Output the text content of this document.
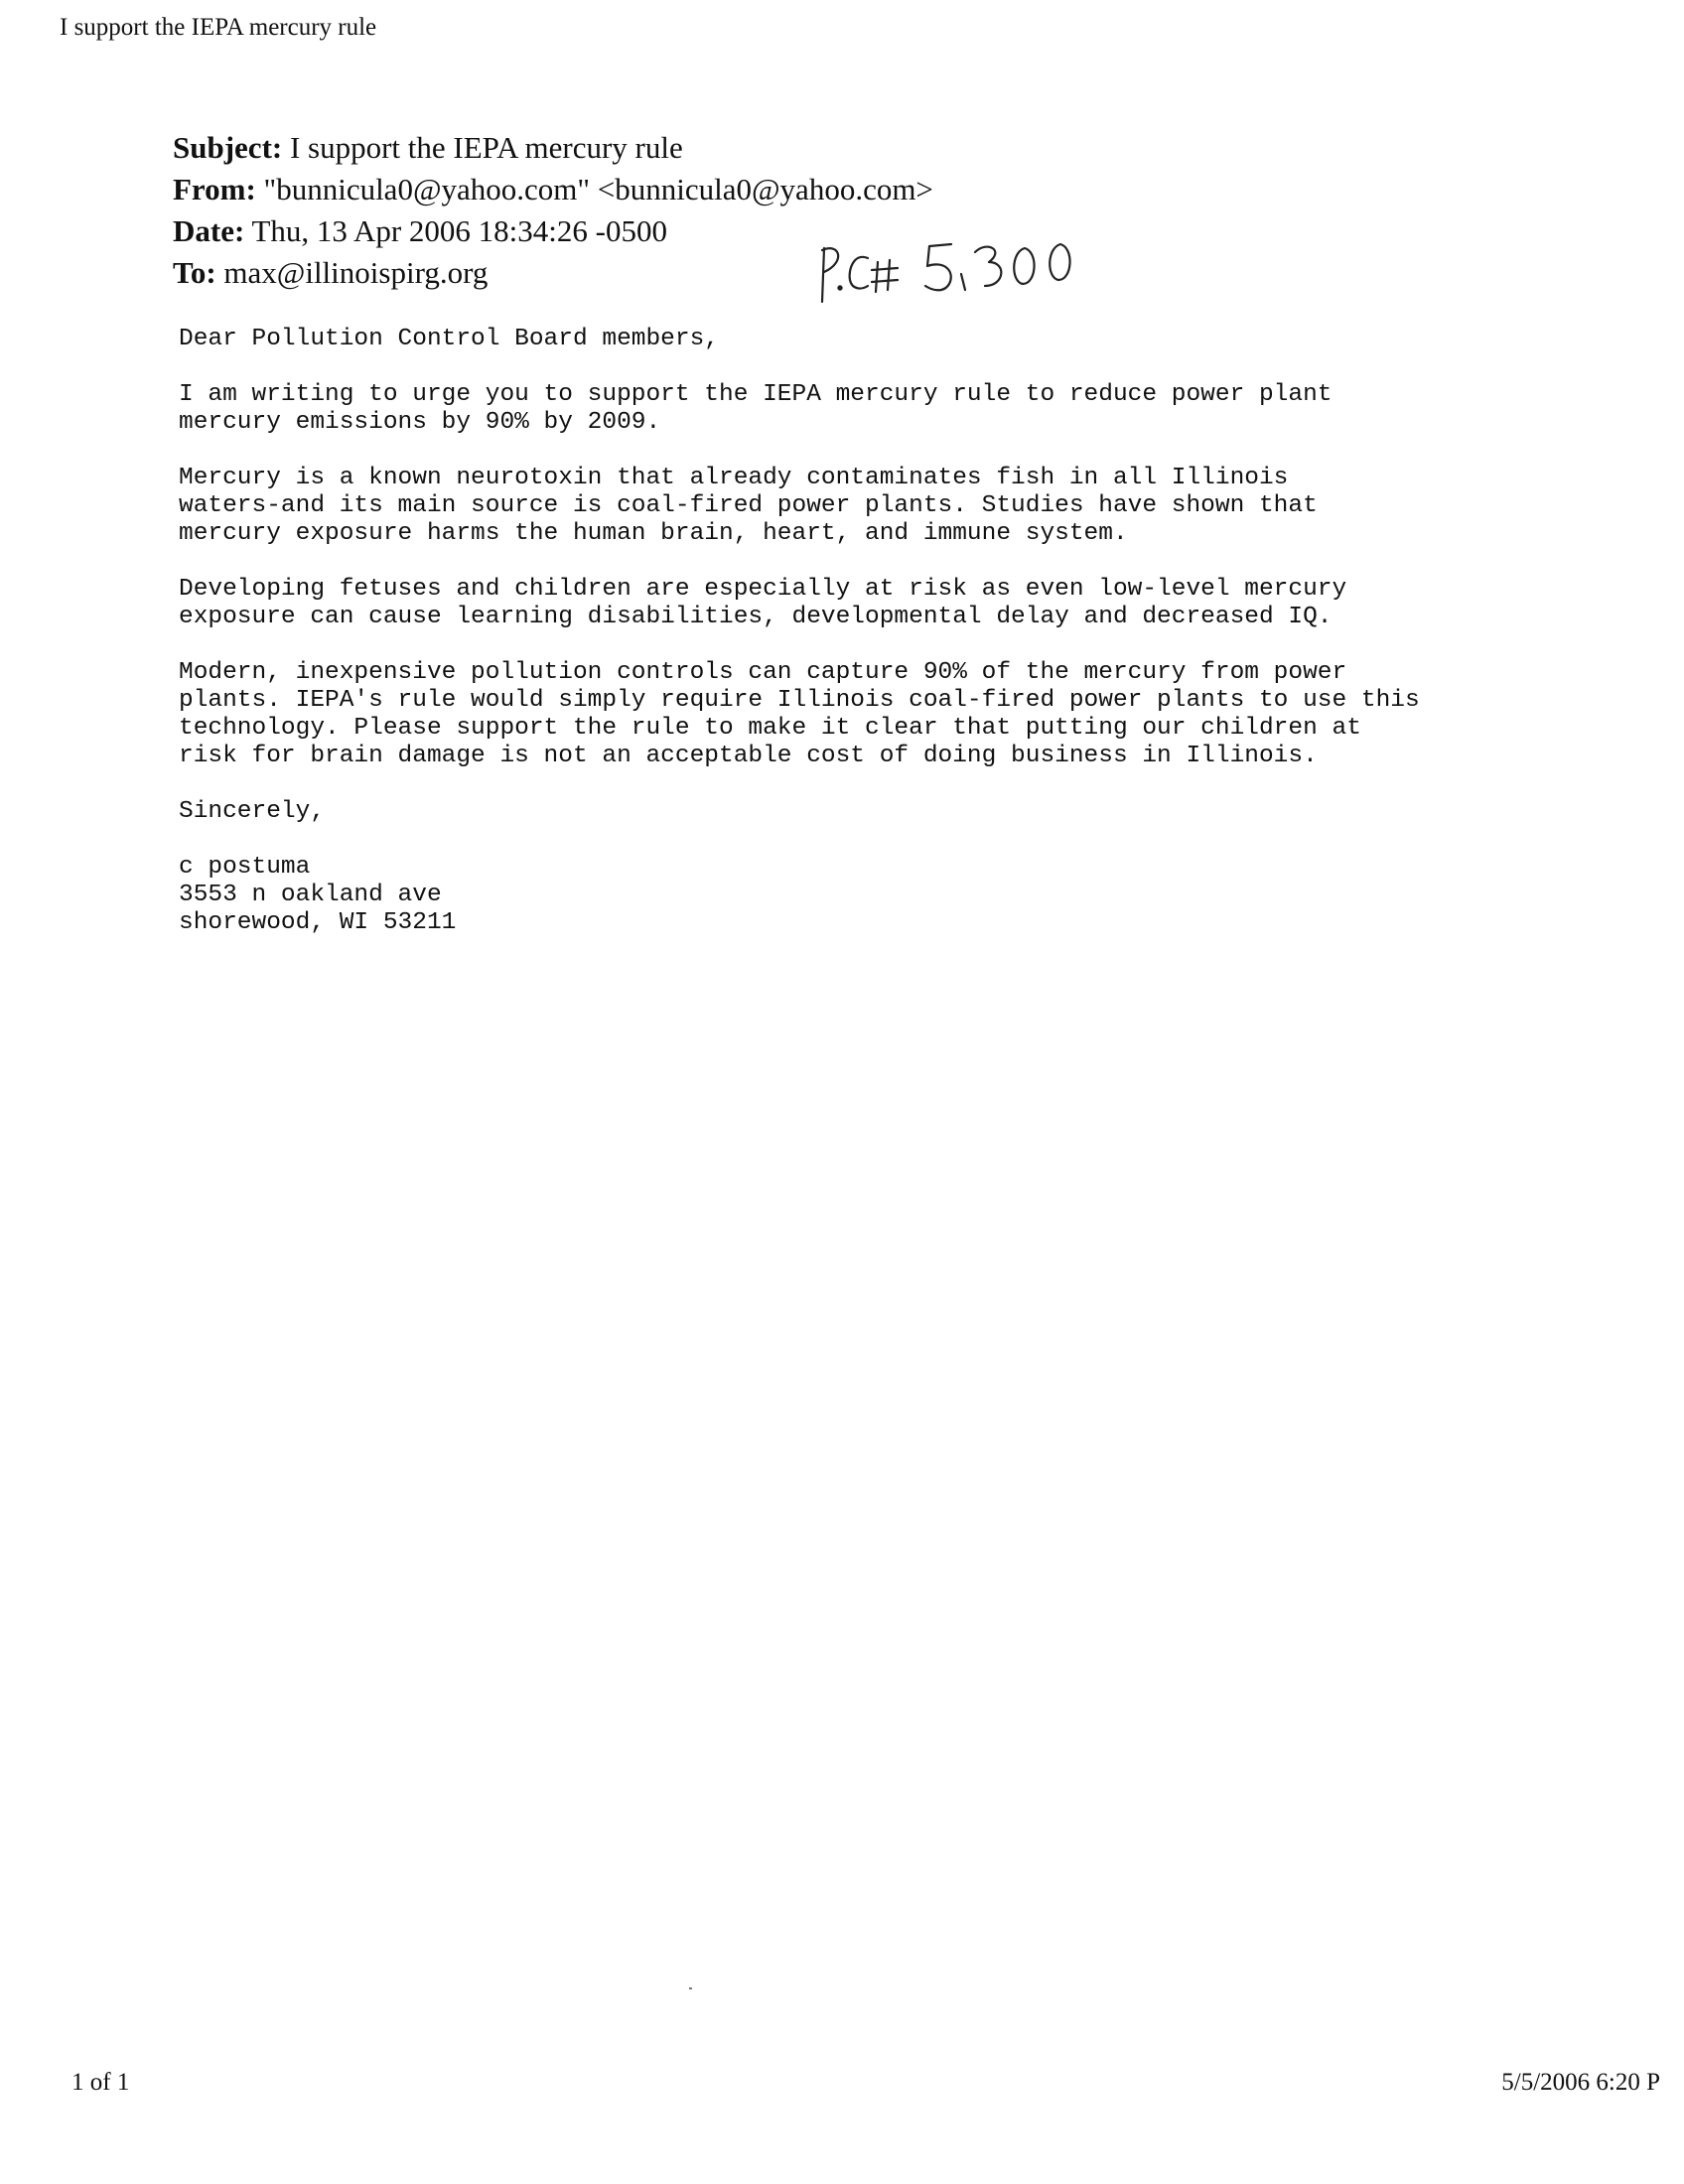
I support the IEPA mercury rule
Subject: I support the IEPA mercury rule
From: "bunnicula0@yahoo.com" <bunnicula0@yahoo.com>
Date: Thu, 13 Apr 2006 18:34:26 -0500
To: max@illinoispirg.org

Dear Pollution Control Board members,

I am writing to urge you to support the IEPA mercury rule to reduce power plant
mercury emissions by 90% by 2009.

Mercury is a known neurotoxin that already contaminates fish in all Illinois
waters-and its main source is coal-fired power plants. Studies have shown that
mercury exposure harms the human brain, heart, and immune system.

Developing fetuses and children are especially at risk as even low-level mercury
exposure can cause learning disabilities, developmental delay and decreased IQ.

Modern, inexpensive pollution controls can capture 90% of the mercury from power
plants. IEPA's rule would simply require Illinois coal-fired power plants to use this
technology. Please support the rule to make it clear that putting our children at
risk for brain damage is not an acceptable cost of doing business in Illinois.

Sincerely,

c postuma
3553 n oakland ave
shorewood, WI 53211
1 of 1	5/5/2006 6:20 P
